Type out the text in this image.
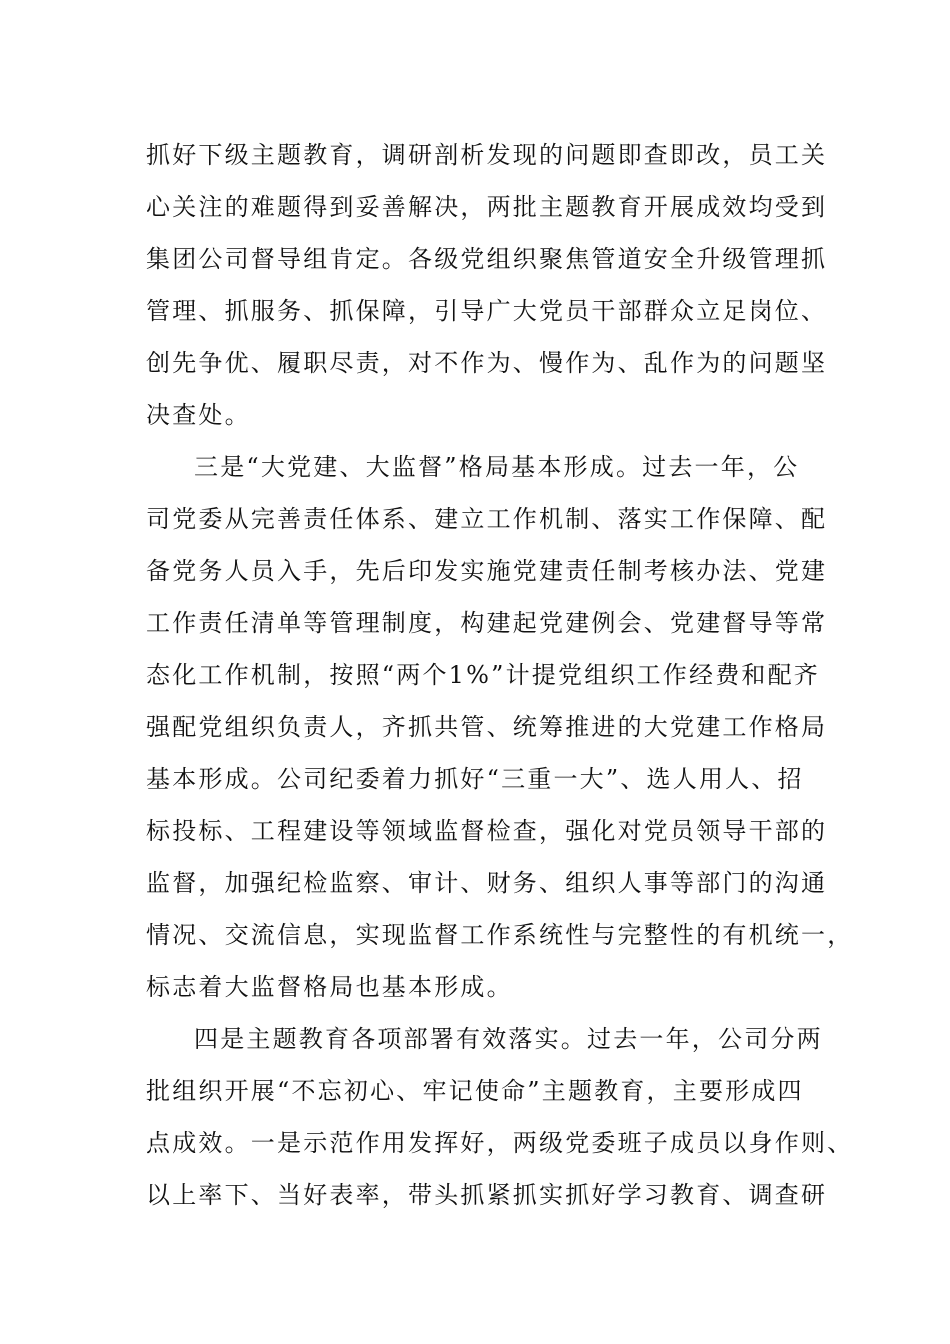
抓好下级主题教育，调研剖析发现的问题即查即改，员工关
心关注的难题得到妥善解决，两批主题教育开展成效均受到
集团公司督导组肯定。各级党组织聚焦管道安全升级管理抓
管理、抓服务、抓保障，引导广大党员干部群众立足岗位、
创先争优、履职尽责，对不作为、慢作为、乱作为的问题坚
决查处。
三是“大党建、大监督”格局基本形成。过去一年，公
司党委从完善责任体系、建立工作机制、落实工作保障、配
备党务人员入手，先后印发实施党建责任制考核办法、党建
工作责任清单等管理制度，构建起党建例会、党建督导等常
态化工作机制，按照“两个1%”计提党组织工作经费和配齐
强配党组织负责人，齐抓共管、统筹推进的大党建工作格局
基本形成。公司纪委着力抓好“三重一大”、选人用人、招
标投标、工程建设等领域监督检查，强化对党员领导干部的
监督，加强纪检监察、审计、财务、组织人事等部门的沟通
情况、交流信息，实现监督工作系统性与完整性的有机统一，
标志着大监督格局也基本形成。
四是主题教育各项部署有效落实。过去一年，公司分两
批组织开展“不忘初心、牢记使命”主题教育，主要形成四
点成效。一是示范作用发挥好，两级党委班子成员以身作则、
以上率下、当好表率，带头抓紧抓实抓好学习教育、调查研
